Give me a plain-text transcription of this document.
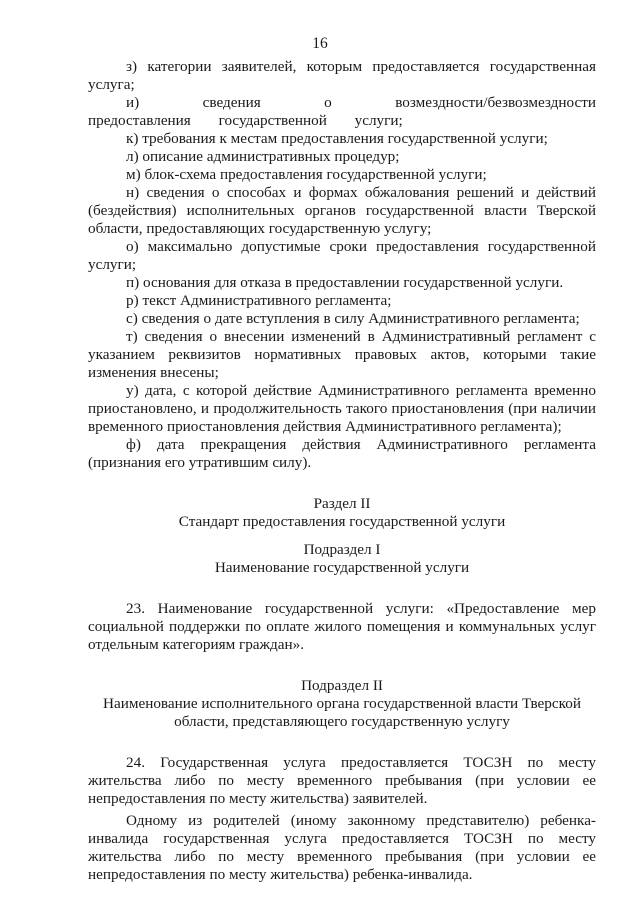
16

з) категории заявителей, которым предоставляется государственная услуга;

и) сведения о возмездности/безвозмездности предоставления государственной услуги;

к) требования к местам предоставления государственной услуги;

л) описание административных процедур;

м) блок-схема предоставления государственной услуги;

н) сведения о способах и формах обжалования решений и действий (бездействия) исполнительных органов государственной власти Тверской области, предоставляющих государственную услугу;

о) максимально допустимые сроки предоставления государственной услуги;

п) основания для отказа в предоставлении государственной услуги.

р) текст Административного регламента;

с) сведения о дате вступления в силу Административного регламента;

т) сведения о внесении изменений в Административный регламент с указанием реквизитов нормативных правовых актов, которыми такие изменения внесены;

у) дата, с которой действие Административного регламента временно приостановлено, и продолжительность такого приостановления (при наличии временного приостановления действия Административного регламента);

ф) дата прекращения действия Административного регламента (признания его утратившим силу).

Раздел II

Стандарт предоставления государственной услуги

Подраздел I

Наименование государственной услуги

23. Наименование государственной услуги: «Предоставление мер социальной поддержки по оплате жилого помещения и коммунальных услуг отдельным категориям граждан».

Подраздел II

Наименование исполнительного органа государственной власти Тверской

области, представляющего государственную услугу

24. Государственная услуга предоставляется ТОСЗН по месту жительства либо по месту временного пребывания (при условии ее непредоставления по месту жительства) заявителей.

Одному из родителей (иному законному представителю) ребенка-инвалида государственная услуга предоставляется ТОСЗН по месту жительства либо по месту временного пребывания (при условии ее непредоставления по месту жительства) ребенка-инвалида.
